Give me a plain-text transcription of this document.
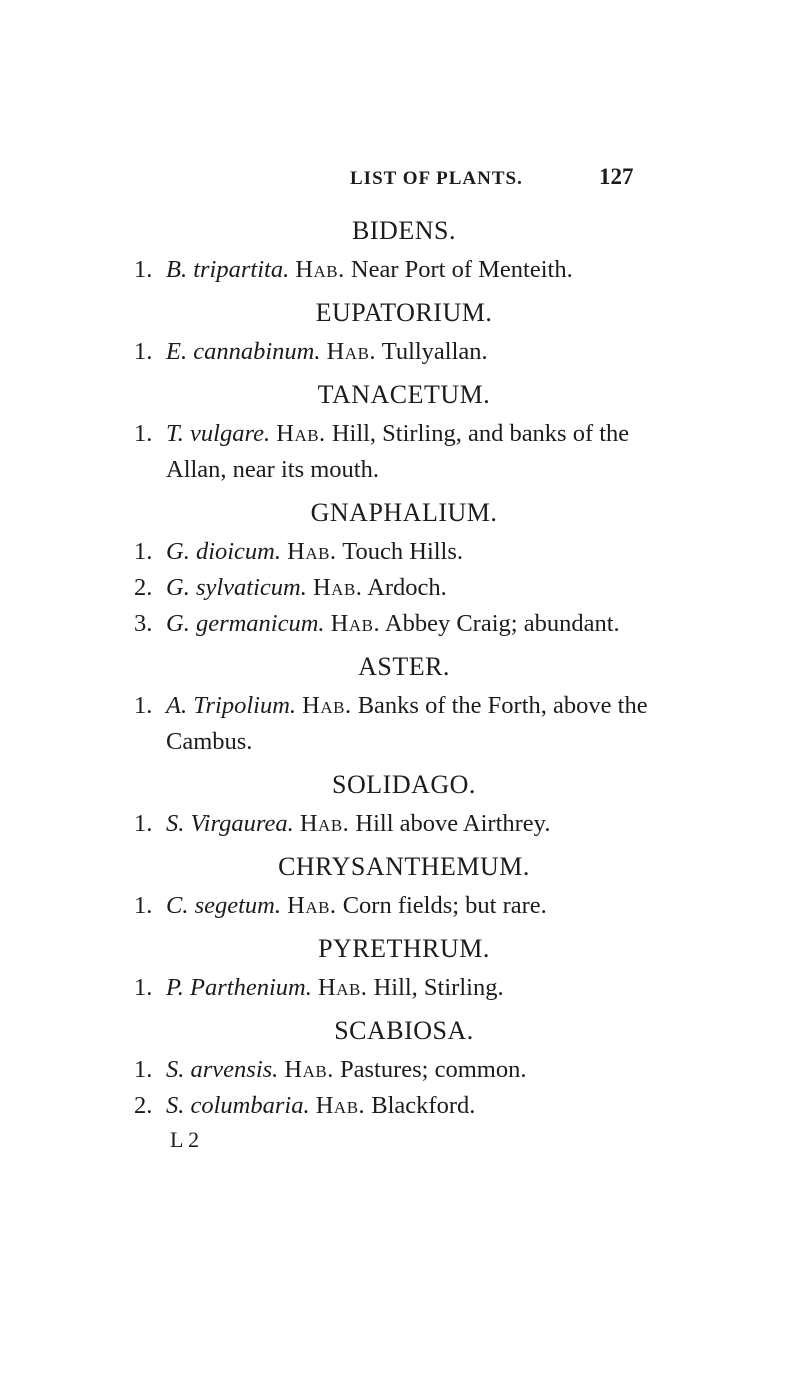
LIST OF PLANTS.	127
BIDENS.
1. B. tripartita. Hab. Near Port of Menteith.
EUPATORIUM.
1. E. cannabinum. Hab. Tullyallan.
TANACETUM.
1. T. vulgare. Hab. Hill, Stirling, and banks of the Allan, near its mouth.
GNAPHALIUM.
1. G. dioicum. Hab. Touch Hills.
2. G. sylvaticum. Hab. Ardoch.
3. G. germanicum. Hab. Abbey Craig; abundant.
ASTER.
1. A. Tripolium. Hab. Banks of the Forth, above the Cambus.
SOLIDAGO.
1. S. Virgaurea. Hab. Hill above Airthrey.
CHRYSANTHEMUM.
1. C. segetum. Hab. Corn fields; but rare.
PYRETHRUM.
1. P. Parthenium. Hab. Hill, Stirling.
SCABIOSA.
1. S. arvensis. Hab. Pastures; common.
2. S. columbaria. Hab. Blackford.
L 2
